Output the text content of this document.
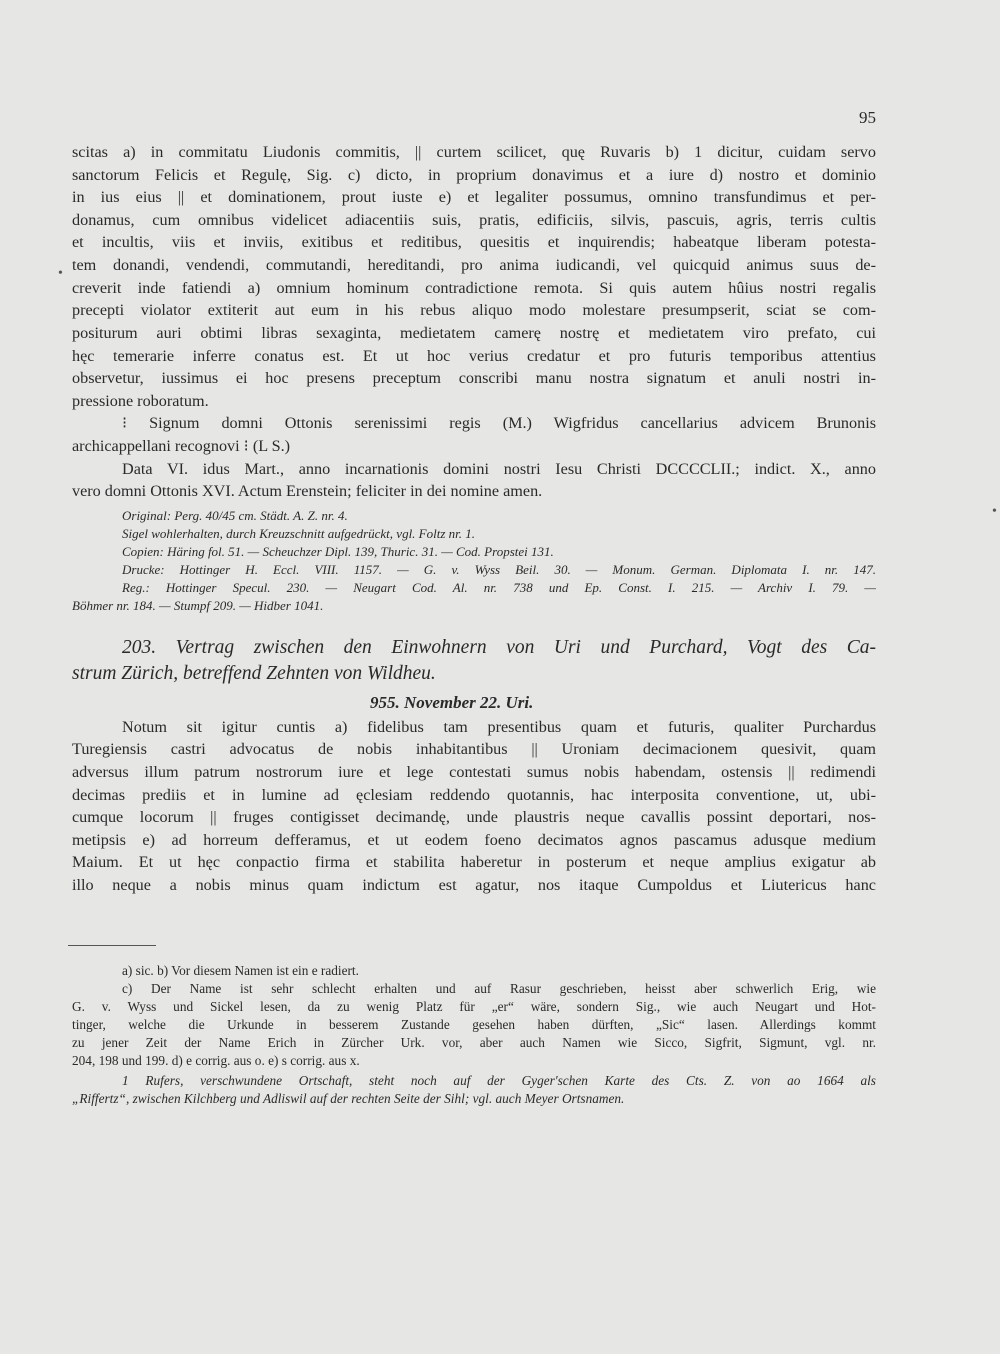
95
scitas a) in commitatu Liudonis commitis, || curtem scilicet, quę Ruvaris b) 1 dicitur, cuidam servo
sanctorum Felicis et Regulę, Sig. c) dicto, in proprium donavimus et a iure d) nostro et dominio
in ius eius || et dominationem, prout iuste e) et legaliter possumus, omnino transfundimus et per-
donamus, cum omnibus videlicet adiacentiis suis, pratis, edificiis, silvis, pascuis, agris, terris cultis
et incultis, viis et inviis, exitibus et reditibus, quesitis et inquirendis; habeatque liberam potesta-
tem donandi, vendendi, commutandi, hereditandi, pro anima iudicandi, vel quicquid animus suus de-
creverit inde fatiendi a) omnium hominum contradictione remota. Si quis autem hûius nostri regalis
precepti violator extiterit aut eum in his rebus aliquo modo molestare presumpserit, sciat se com-
positurum auri obtimi libras sexaginta, medietatem camerę nostrę et medietatem viro prefato, cui
hęc temerarie inferre conatus est. Et ut hoc verius credatur et pro futuris temporibus attentius
observetur, iussimus ei hoc presens preceptum conscribi manu nostra signatum et anuli nostri in-
pressione roboratum.
⁝ Signum domni Ottonis serenissimi regis (M.) Wigfridus cancellarius advicem Brunonis
archicappellani recognovi ⁝ (L S.)
Data VI. idus Mart., anno incarnationis domini nostri Iesu Christi DCCCCLII.; indict. X., anno
vero domni Ottonis XVI. Actum Erenstein; feliciter in dei nomine amen.
Original: Perg. 40/45 cm. Städt. A. Z. nr. 4.
Sigel wohlerhalten, durch Kreuzschnitt aufgedrückt, vgl. Foltz nr. 1.
Copien: Häring fol. 51. — Scheuchzer Dipl. 139, Thuric. 31. — Cod. Propstei 131.
Drucke: Hottinger H. Eccl. VIII. 1157. — G. v. Wyss Beil. 30. — Monum. German. Diplomata I. nr. 147.
Reg.: Hottinger Specul. 230. — Neugart Cod. Al. nr. 738 und Ep. Const. I. 215. — Archiv I. 79. —
Böhmer nr. 184. — Stumpf 209. — Hidber 1041.
203. Vertrag zwischen den Einwohnern von Uri und Purchard, Vogt des Ca-
strum Zürich, betreffend Zehnten von Wildheu.
955. November 22. Uri.
Notum sit igitur cuntis a) fidelibus tam presentibus quam et futuris, qualiter Purchardus
Turegiensis castri advocatus de nobis inhabitantibus || Uroniam decimacionem quesivit, quam
adversus illum patrum nostrorum iure et lege contestati sumus nobis habendam, ostensis || redimendi
decimas prediis et in lumine ad ęclesiam reddendo quotannis, hac interposita conventione, ut, ubi-
cumque locorum || fruges contigisset decimandę, unde plaustris neque cavallis possint deportari, nos-
metipsis e) ad horreum defferamus, et ut eodem foeno decimatos agnos pascamus adusque medium
Maium. Et ut hęc conpactio firma et stabilita haberetur in posterum et neque amplius exigatur ab
illo neque a nobis minus quam indictum est agatur, nos itaque Cumpoldus et Liutericus hanc
a) sic. b) Vor diesem Namen ist ein e radiert.
c) Der Name ist sehr schlecht erhalten und auf Rasur geschrieben, heisst aber schwerlich Erig, wie
G. v. Wyss und Sickel lesen, da zu wenig Platz für „er“ wäre, sondern Sig., wie auch Neugart und Hot-
tinger, welche die Urkunde in besserem Zustande gesehen haben dürften, „Sic“ lasen. Allerdings kommt
zu jener Zeit der Name Erich in Zürcher Urk. vor, aber auch Namen wie Sicco, Sigfrit, Sigmunt, vgl. nr.
204, 198 und 199. d) e corrig. aus o. e) s corrig. aus x.
1 Rufers, verschwundene Ortschaft, steht noch auf der Gyger'schen Karte des Cts. Z. von ao 1664 als
„Riffertz“, zwischen Kilchberg und Adliswil auf der rechten Seite der Sihl; vgl. auch Meyer Ortsnamen.
•
•
